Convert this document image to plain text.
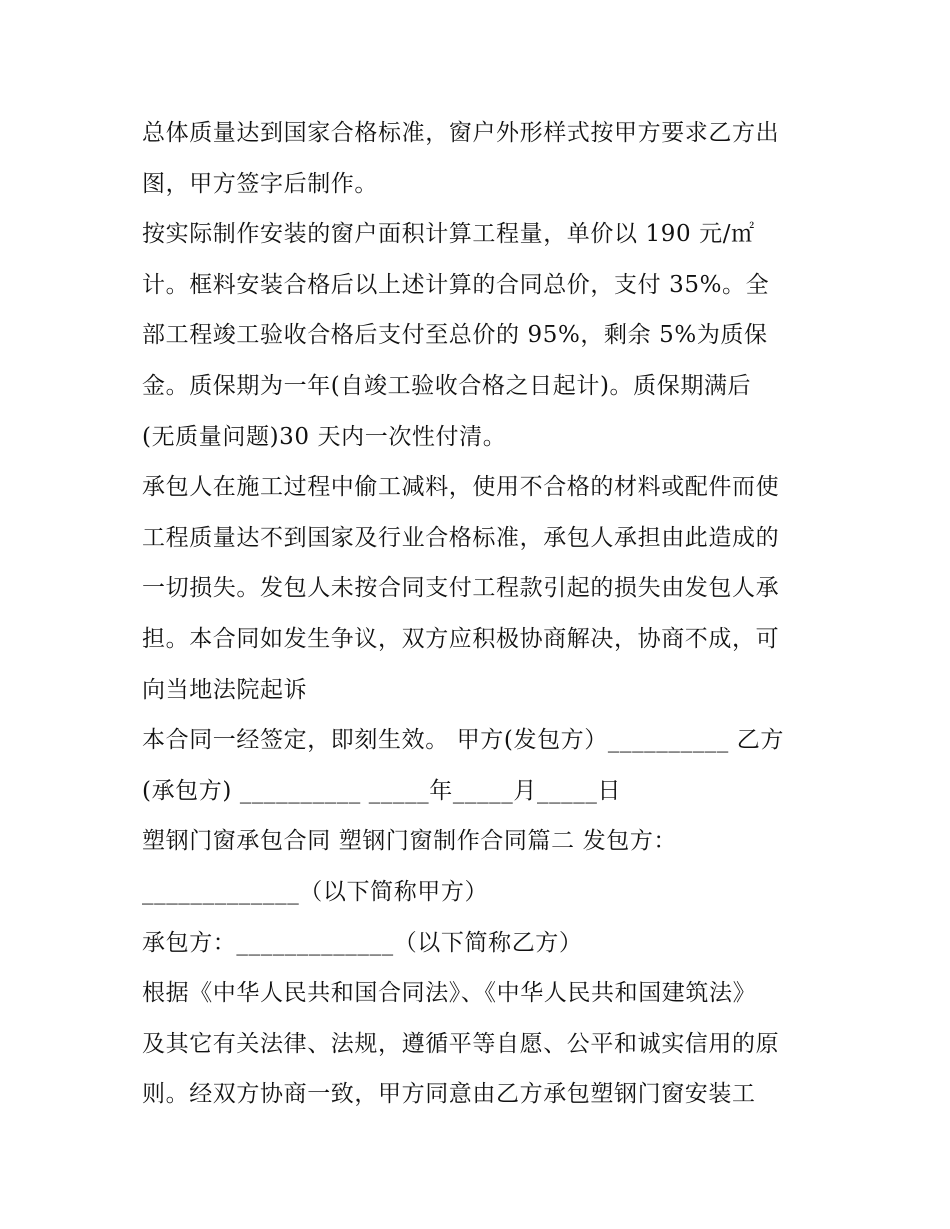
总体质量达到国家合格标准，窗户外形样式按甲方要求乙方出
图，甲方签字后制作。
按实际制作安装的窗户面积计算工程量，单价以 190 元/㎡
计。框料安装合格后以上述计算的合同总价，支付 35%。全
部工程竣工验收合格后支付至总价的 95%，剩余 5%为质保
金。质保期为一年(自竣工验收合格之日起计)。质保期满后
(无质量问题)30 天内一次性付清。
承包人在施工过程中偷工减料，使用不合格的材料或配件而使
工程质量达不到国家及行业合格标准，承包人承担由此造成的
一切损失。发包人未按合同支付工程款引起的损失由发包人承
担。本合同如发生争议，双方应积极协商解决，协商不成，可
向当地法院起诉
本合同一经签定，即刻生效。 甲方(发包方）__________ 乙方
(承包方) __________ _____年_____月_____日
塑钢门窗承包合同 塑钢门窗制作合同篇二 发包方：
_____________（以下简称甲方）
承包方：_____________（以下简称乙方）
根据《中华人民共和国合同法》、《中华人民共和国建筑法》
及其它有关法律、法规，遵循平等自愿、公平和诚实信用的原
则。经双方协商一致，甲方同意由乙方承包塑钢门窗安装工
